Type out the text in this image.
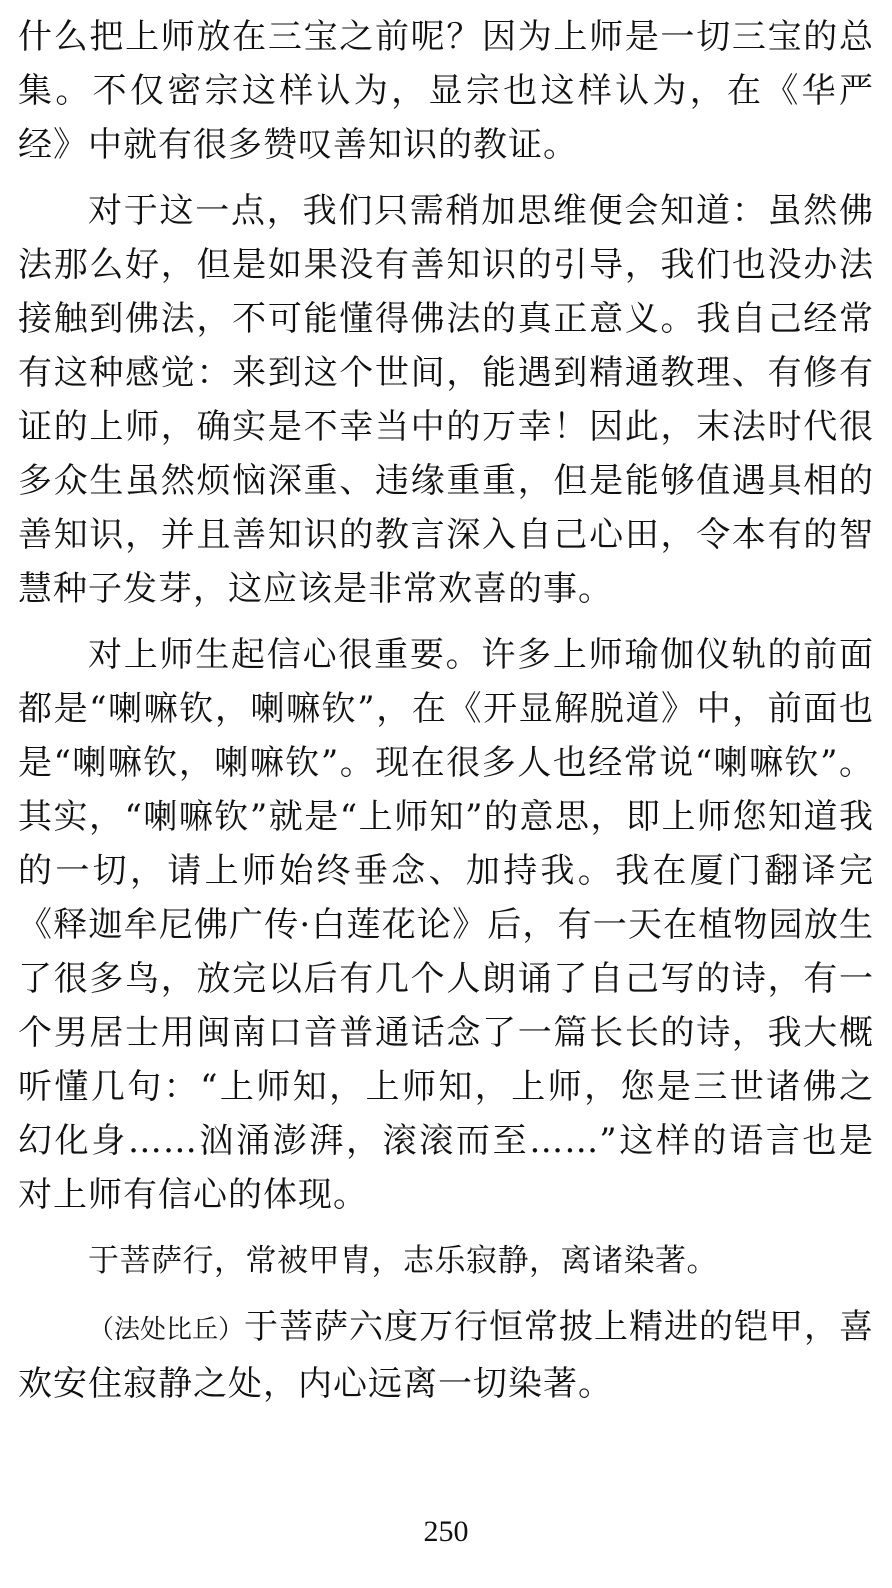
什么把上师放在三宝之前呢？因为上师是一切三宝的总集。不仅密宗这样认为，显宗也这样认为，在《华严经》中就有很多赞叹善知识的教证。

对于这一点，我们只需稍加思维便会知道：虽然佛法那么好，但是如果没有善知识的引导，我们也没办法接触到佛法，不可能懂得佛法的真正意义。我自己经常有这种感觉：来到这个世间，能遇到精通教理、有修有证的上师，确实是不幸当中的万幸！因此，末法时代很多众生虽然烦恼深重、违缘重重，但是能够值遇具相的善知识，并且善知识的教言深入自己心田，令本有的智慧种子发芽，这应该是非常欢喜的事。

对上师生起信心很重要。许多上师瑜伽仪轨的前面都是“喇嘛钦，喇嘛钦”，在《开显解脱道》中，前面也是“喇嘛钦，喇嘛钦”。现在很多人也经常说“喇嘛钦”。其实，“喇嘛钦”就是“上师知”的意思，即上师您知道我的一切，请上师始终垂念、加持我。我在厦门翻译完《释迦牟尼佛广传·白莲花论》后，有一天在植物园放生了很多鸟，放完以后有几个人朗诵了自己写的诗，有一个男居士用闽南口音普通话念了一篇长长的诗，我大概听懂几句：“上师知，上师知，上师，您是三世诸佛之幻化身……汹涌澎湃，滚滚而至……”这样的语言也是对上师有信心的体现。

于菩萨行，常被甲胄，志乐寂静，离诸染著。

（法处比丘）于菩萨六度万行恒常披上精进的铠甲，喜欢安住寂静之处，内心远离一切染著。

250
